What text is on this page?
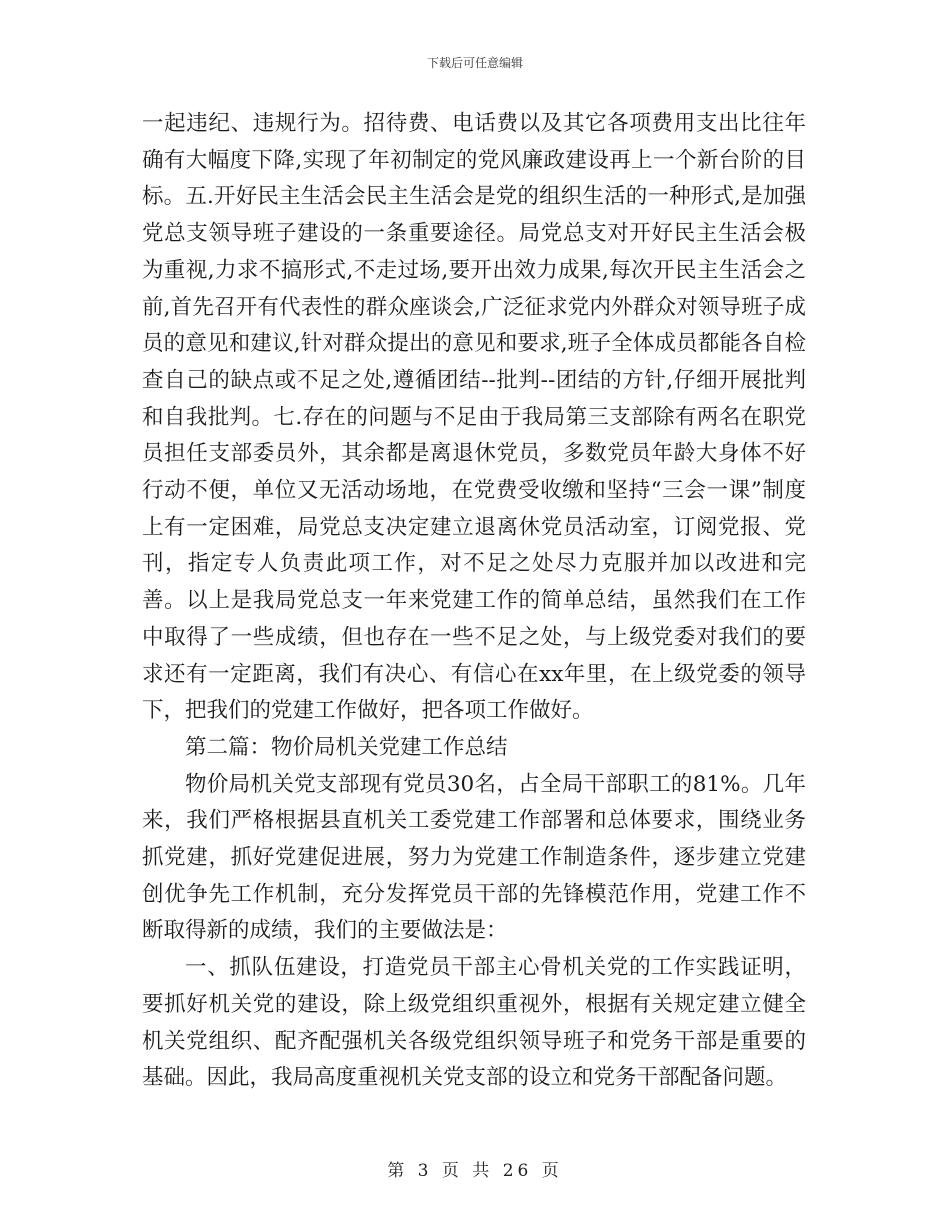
下载后可任意编辑

一起违纪、违规行为。招待费、电话费以及其它各项费用支出比往年确有大幅度下降,实现了年初制定的党风廉政建设再上一个新台阶的目标。五.开好民主生活会民主生活会是党的组织生活的一种形式,是加强党总支领导班子建设的一条重要途径。局党总支对开好民主生活会极为重视,力求不搞形式,不走过场,要开出效力成果,每次开民主生活会之前,首先召开有代表性的群众座谈会,广泛征求党内外群众对领导班子成员的意见和建议,针对群众提出的意见和要求,班子全体成员都能各自检查自己的缺点或不足之处,遵循团结--批判--团结的方针,仔细开展批判和自我批判。七.存在的问题与不足由于我局第三支部除有两名在职党员担任支部委员外，其余都是离退休党员，多数党员年龄大身体不好行动不便，单位又无活动场地，在党费受收缴和坚持“三会一课”制度上有一定困难，局党总支决定建立退离休党员活动室，订阅党报、党刊，指定专人负责此项工作，对不足之处尽力克服并加以改进和完善。以上是我局党总支一年来党建工作的简单总结，虽然我们在工作中取得了一些成绩，但也存在一些不足之处，与上级党委对我们的要求还有一定距离，我们有决心、有信心在xx年里，在上级党委的领导下，把我们的党建工作做好，把各项工作做好。

第二篇：物价局机关党建工作总结

物价局机关党支部现有党员30名，占全局干部职工的81%。几年来，我们严格根据县直机关工委党建工作部署和总体要求，围绕业务抓党建，抓好党建促进展，努力为党建工作制造条件，逐步建立党建创优争先工作机制，充分发挥党员干部的先锋模范作用，党建工作不断取得新的成绩，我们的主要做法是：

一、抓队伍建设，打造党员干部主心骨机关党的工作实践证明，要抓好机关党的建设，除上级党组织重视外，根据有关规定建立健全机关党组织、配齐配强机关各级党组织领导班子和党务干部是重要的基础。因此，我局高度重视机关党支部的设立和党务干部配备问题。

第 3 页 共 26 页
